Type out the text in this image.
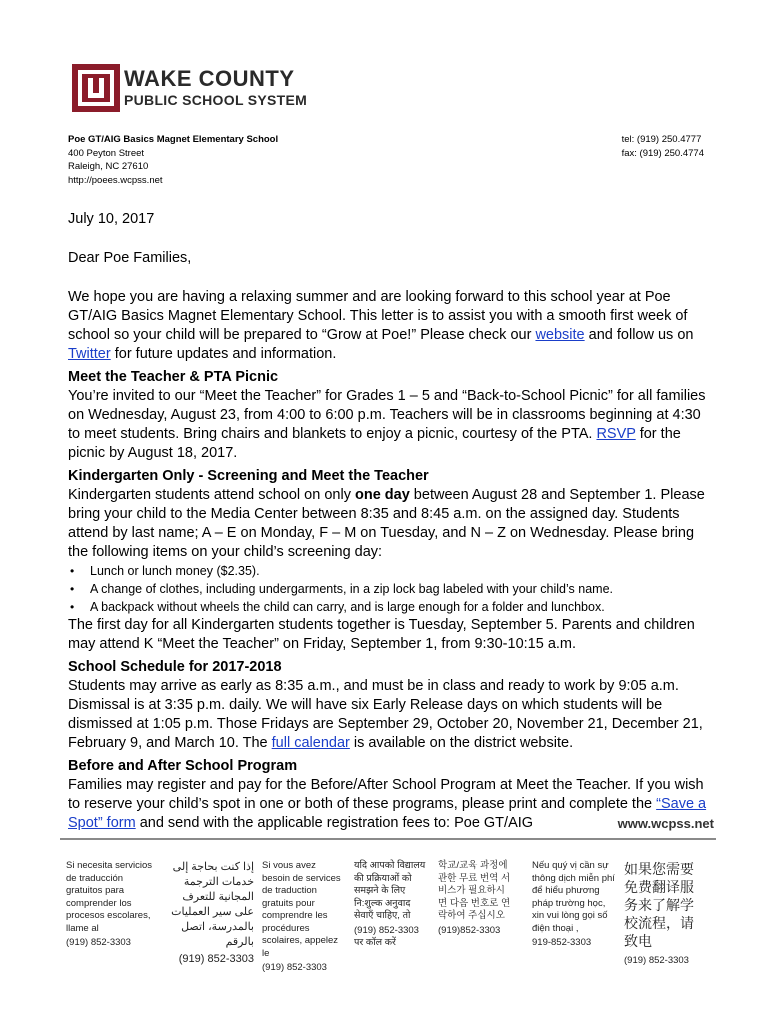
WAKE COUNTY
PUBLIC SCHOOL SYSTEM
Poe GT/AIG Basics Magnet Elementary School
400 Peyton Street
Raleigh, NC 27610
http://poees.wcpss.net
tel: (919) 250.4777
fax: (919) 250.4774

July 10, 2017

Dear Poe Families,

We hope you are having a relaxing summer and are looking forward to this school year at Poe GT/AIG Basics Magnet Elementary School. This letter is to assist you with a smooth first week of school so your child will be prepared to “Grow at Poe!” Please check our website and follow us on Twitter for future updates and information.

Meet the Teacher & PTA Picnic

You’re invited to our “Meet the Teacher” for Grades 1 – 5 and “Back-to-School Picnic” for all families on Wednesday, August 23, from 4:00 to 6:00 p.m. Teachers will be in classrooms beginning at 4:30 to meet students. Bring chairs and blankets to enjoy a picnic, courtesy of the PTA. RSVP for the picnic by August 18, 2017.

Kindergarten Only - Screening and Meet the Teacher

Kindergarten students attend school on only one day between August 28 and September 1. Please bring your child to the Media Center between 8:35 and 8:45 a.m. on the assigned day. Students attend by last name; A – E on Monday, F – M on Tuesday, and N – Z on Wednesday. Please bring the following items on your child’s screening day:

• Lunch or lunch money ($2.35).
• A change of clothes, including undergarments, in a zip lock bag labeled with your child’s name.
• A backpack without wheels the child can carry, and is large enough for a folder and lunchbox.

The first day for all Kindergarten students together is Tuesday, September 5. Parents and children may attend K “Meet the Teacher” on Friday, September 1, from 9:30-10:15 a.m.

School Schedule for 2017-2018

Students may arrive as early as 8:35 a.m., and must be in class and ready to work by 9:05 a.m. Dismissal is at 3:35 p.m. daily. We will have six Early Release days on which students will be dismissed at 1:05 p.m. Those Fridays are September 29, October 20, November 21, December 21, February 9, and March 10. The full calendar is available on the district website.

Before and After School Program

Families may register and pay for the Before/After School Program at Meet the Teacher. If you wish to reserve your child’s spot in one or both of these programs, please print and complete the “Save a Spot” form and send with the applicable registration fees to: Poe GT/AIG	www.wcpss.net
Si necesita servicios de traducción gratuitos para comprender los procesos escolares, llame al
(919) 852-3303
إذا كنت بحاجة إلى خدمات الترجمة المجانية للتعرف على سير العمليات بالمدرسة، اتصل بالرقم
(919) 852-3303
Si vous avez besoin de services de traduction gratuits pour comprendre les procédures scolaires, appelez le
(919) 852-3303
यदि आपको विद्यालय की प्रक्रियाओं को समझने के लिए नि:शुल्क अनुवाद सेवाएँ चाहिए, तो
(919) 852-3303 पर कॉल करें
학교/교육 과정에 관한 무료 번역 서비스가 필요하시면 다음 번호로 연락하여 주십시오
(919)852-3303
Nếu quý vị cần sự thông dịch miễn phí để hiểu phương pháp trường học, xin vui lòng gọi số điện thoại ,
919-852-3303
如果您需要免费翻译服务来了解学校流程，请致电
(919) 852-3303
